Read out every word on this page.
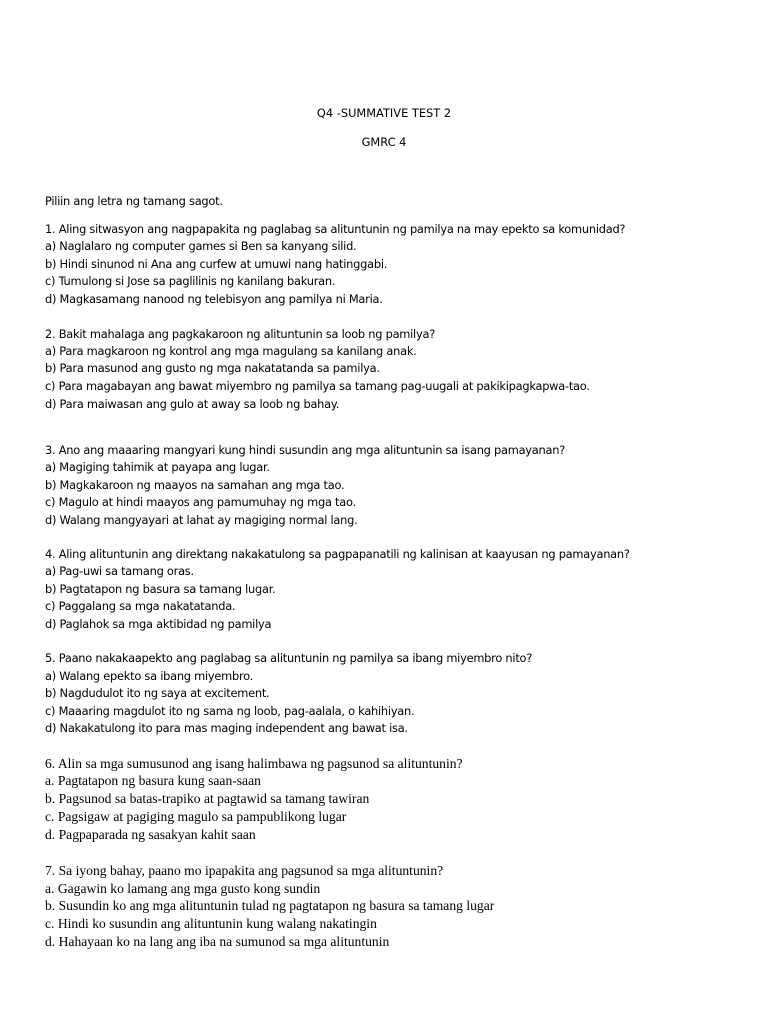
Q4 -SUMMATIVE TEST 2
GMRC 4
Piliin ang letra ng tamang sagot.
1. Aling sitwasyon ang nagpapakita ng paglabag sa alituntunin ng pamilya na may epekto sa komunidad?
a) Naglalaro ng computer games si Ben sa kanyang silid.
b) Hindi sinunod ni Ana ang curfew at umuwi nang hatinggabi.
c) Tumulong si Jose sa paglilinis ng kanilang bakuran.
d) Magkasamang nanood ng telebisyon ang pamilya ni Maria.
2. Bakit mahalaga ang pagkakaroon ng alituntunin sa loob ng pamilya?
a) Para magkaroon ng kontrol ang mga magulang sa kanilang anak.
b) Para masunod ang gusto ng mga nakatatanda sa pamilya.
c) Para magabayan ang bawat miyembro ng pamilya sa tamang pag-uugali at pakikipagkapwa-tao.
d) Para maiwasan ang gulo at away sa loob ng bahay.
3. Ano ang maaaring mangyari kung hindi susundin ang mga alituntunin sa isang pamayanan?
a) Magiging tahimik at payapa ang lugar.
b) Magkakaroon ng maayos na samahan ang mga tao.
c) Magulo at hindi maayos ang pamumuhay ng mga tao.
d) Walang mangyayari at lahat ay magiging normal lang.
4. Aling alituntunin ang direktang nakakatulong sa pagpapanatili ng kalinisan at kaayusan ng pamayanan?
a) Pag-uwi sa tamang oras.
b) Pagtatapon ng basura sa tamang lugar.
c) Paggalang sa mga nakatatanda.
d) Paglahok sa mga aktibidad ng pamilya
5. Paano nakakaapekto ang paglabag sa alituntunin ng pamilya sa ibang miyembro nito?
a) Walang epekto sa ibang miyembro.
b) Nagdudulot ito ng saya at excitement.
c) Maaaring magdulot ito ng sama ng loob, pag-aalala, o kahihiyan.
d) Nakakatulong ito para mas maging independent ang bawat isa.
6. Alin sa mga sumusunod ang isang halimbawa ng pagsunod sa alituntunin?
a. Pagtatapon ng basura kung saan-saan
b. Pagsunod sa batas-trapiko at pagtawid sa tamang tawiran
c. Pagsigaw at pagiging magulo sa pampublikong lugar
d. Pagpaparada ng sasakyan kahit saan
7. Sa iyong bahay, paano mo ipapakita ang pagsunod sa mga alituntunin?
a. Gagawin ko lamang ang mga gusto kong sundin
b. Susundin ko ang mga alituntunin tulad ng pagtatapon ng basura sa tamang lugar
c. Hindi ko susundin ang alituntunin kung walang nakatingin
d. Hahayaan ko na lang ang iba na sumunod sa mga alituntunin
